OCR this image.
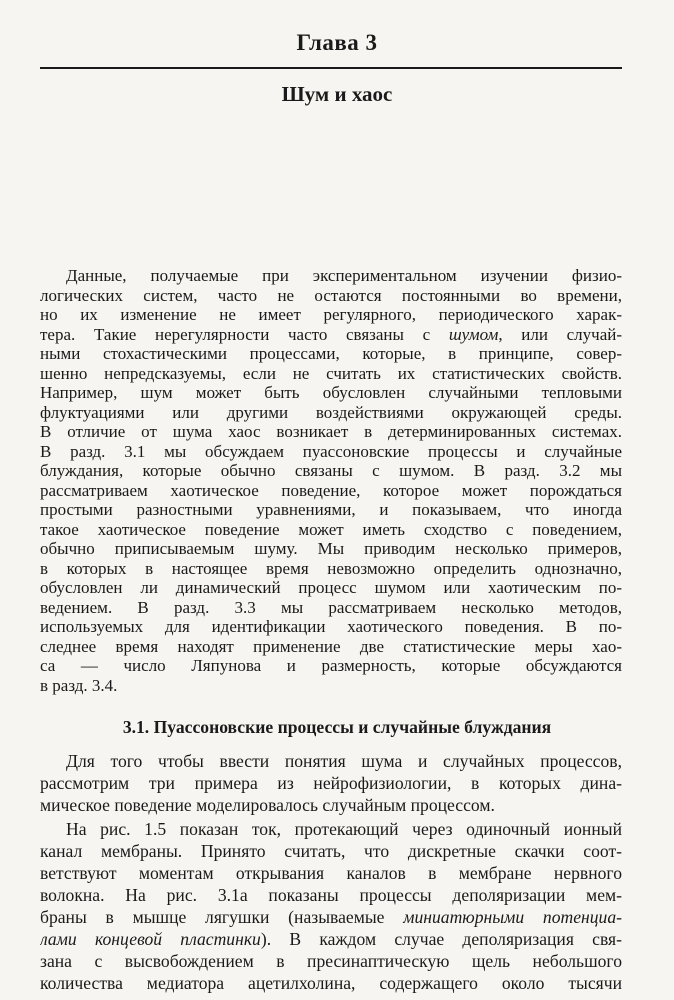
Глава 3
Шум и хаос
Данные, получаемые при экспериментальном изучении физио-
логических систем, часто не остаются постоянными во времени,
но их изменение не имеет регулярного, периодического харак-
тера. Такие нерегулярности часто связаны с шумом, или случай-
ными стохастическими процессами, которые, в принципе, совер-
шенно непредсказуемы, если не считать их статистических свойств.
Например, шум может быть обусловлен случайными тепловыми
флуктуациями или другими воздействиями окружающей среды.
В отличие от шума хаос возникает в детерминированных системах.
В разд. 3.1 мы обсуждаем пуассоновские процессы и случайные
блуждания, которые обычно связаны с шумом. В разд. 3.2 мы
рассматриваем хаотическое поведение, которое может порождаться
простыми разностными уравнениями, и показываем, что иногда
такое хаотическое поведение может иметь сходство с поведением,
обычно приписываемым шуму. Мы приводим несколько примеров,
в которых в настоящее время невозможно определить однозначно,
обусловлен ли динамический процесс шумом или хаотическим по-
ведением. В разд. 3.3 мы рассматриваем несколько методов,
используемых для идентификации хаотического поведения. В по-
следнее время находят применение две статистические меры хао-
са — число Ляпунова и размерность, которые обсуждаются
в разд. 3.4.
3.1. Пуассоновские процессы и случайные блуждания
Для того чтобы ввести понятия шума и случайных процессов,
рассмотрим три примера из нейрофизиологии, в которых дина-
мическое поведение моделировалось случайным процессом.
На рис. 1.5 показан ток, протекающий через одиночный ионный
канал мембраны. Принято считать, что дискретные скачки соот-
ветствуют моментам открывания каналов в мембране нервного
волокна. На рис. 3.1а показаны процессы деполяризации мем-
браны в мышце лягушки (называемые миниатюрными потенциа-
лами концевой пластинки). В каждом случае деполяризация свя-
зана с высвобождением в пресинаптическую щель небольшого
количества медиатора ацетилхолина, содержащего около тысячи
